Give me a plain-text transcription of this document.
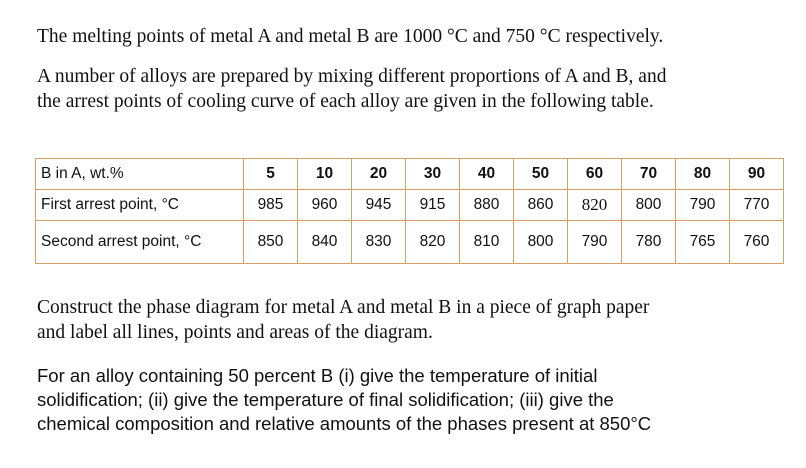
The melting points of metal A and metal B are 1000 °C and 750 °C respectively.

A number of alloys are prepared by mixing different proportions of A and B, and
the arrest points of cooling curve of each alloy are given in the following table.

B in A, wt.%	5	10	20	30	40	50	60	70	80	90
First arrest point, °C	985	960	945	915	880	860	820	800	790	770
Second arrest point, °C	850	840	830	820	810	800	790	780	765	760

Construct the phase diagram for metal A and metal B in a piece of graph paper
and label all lines, points and areas of the diagram.

For an alloy containing 50 percent B (i) give the temperature of initial
solidification; (ii) give the temperature of final solidification; (iii) give the
chemical composition and relative amounts of the phases present at 850°C
